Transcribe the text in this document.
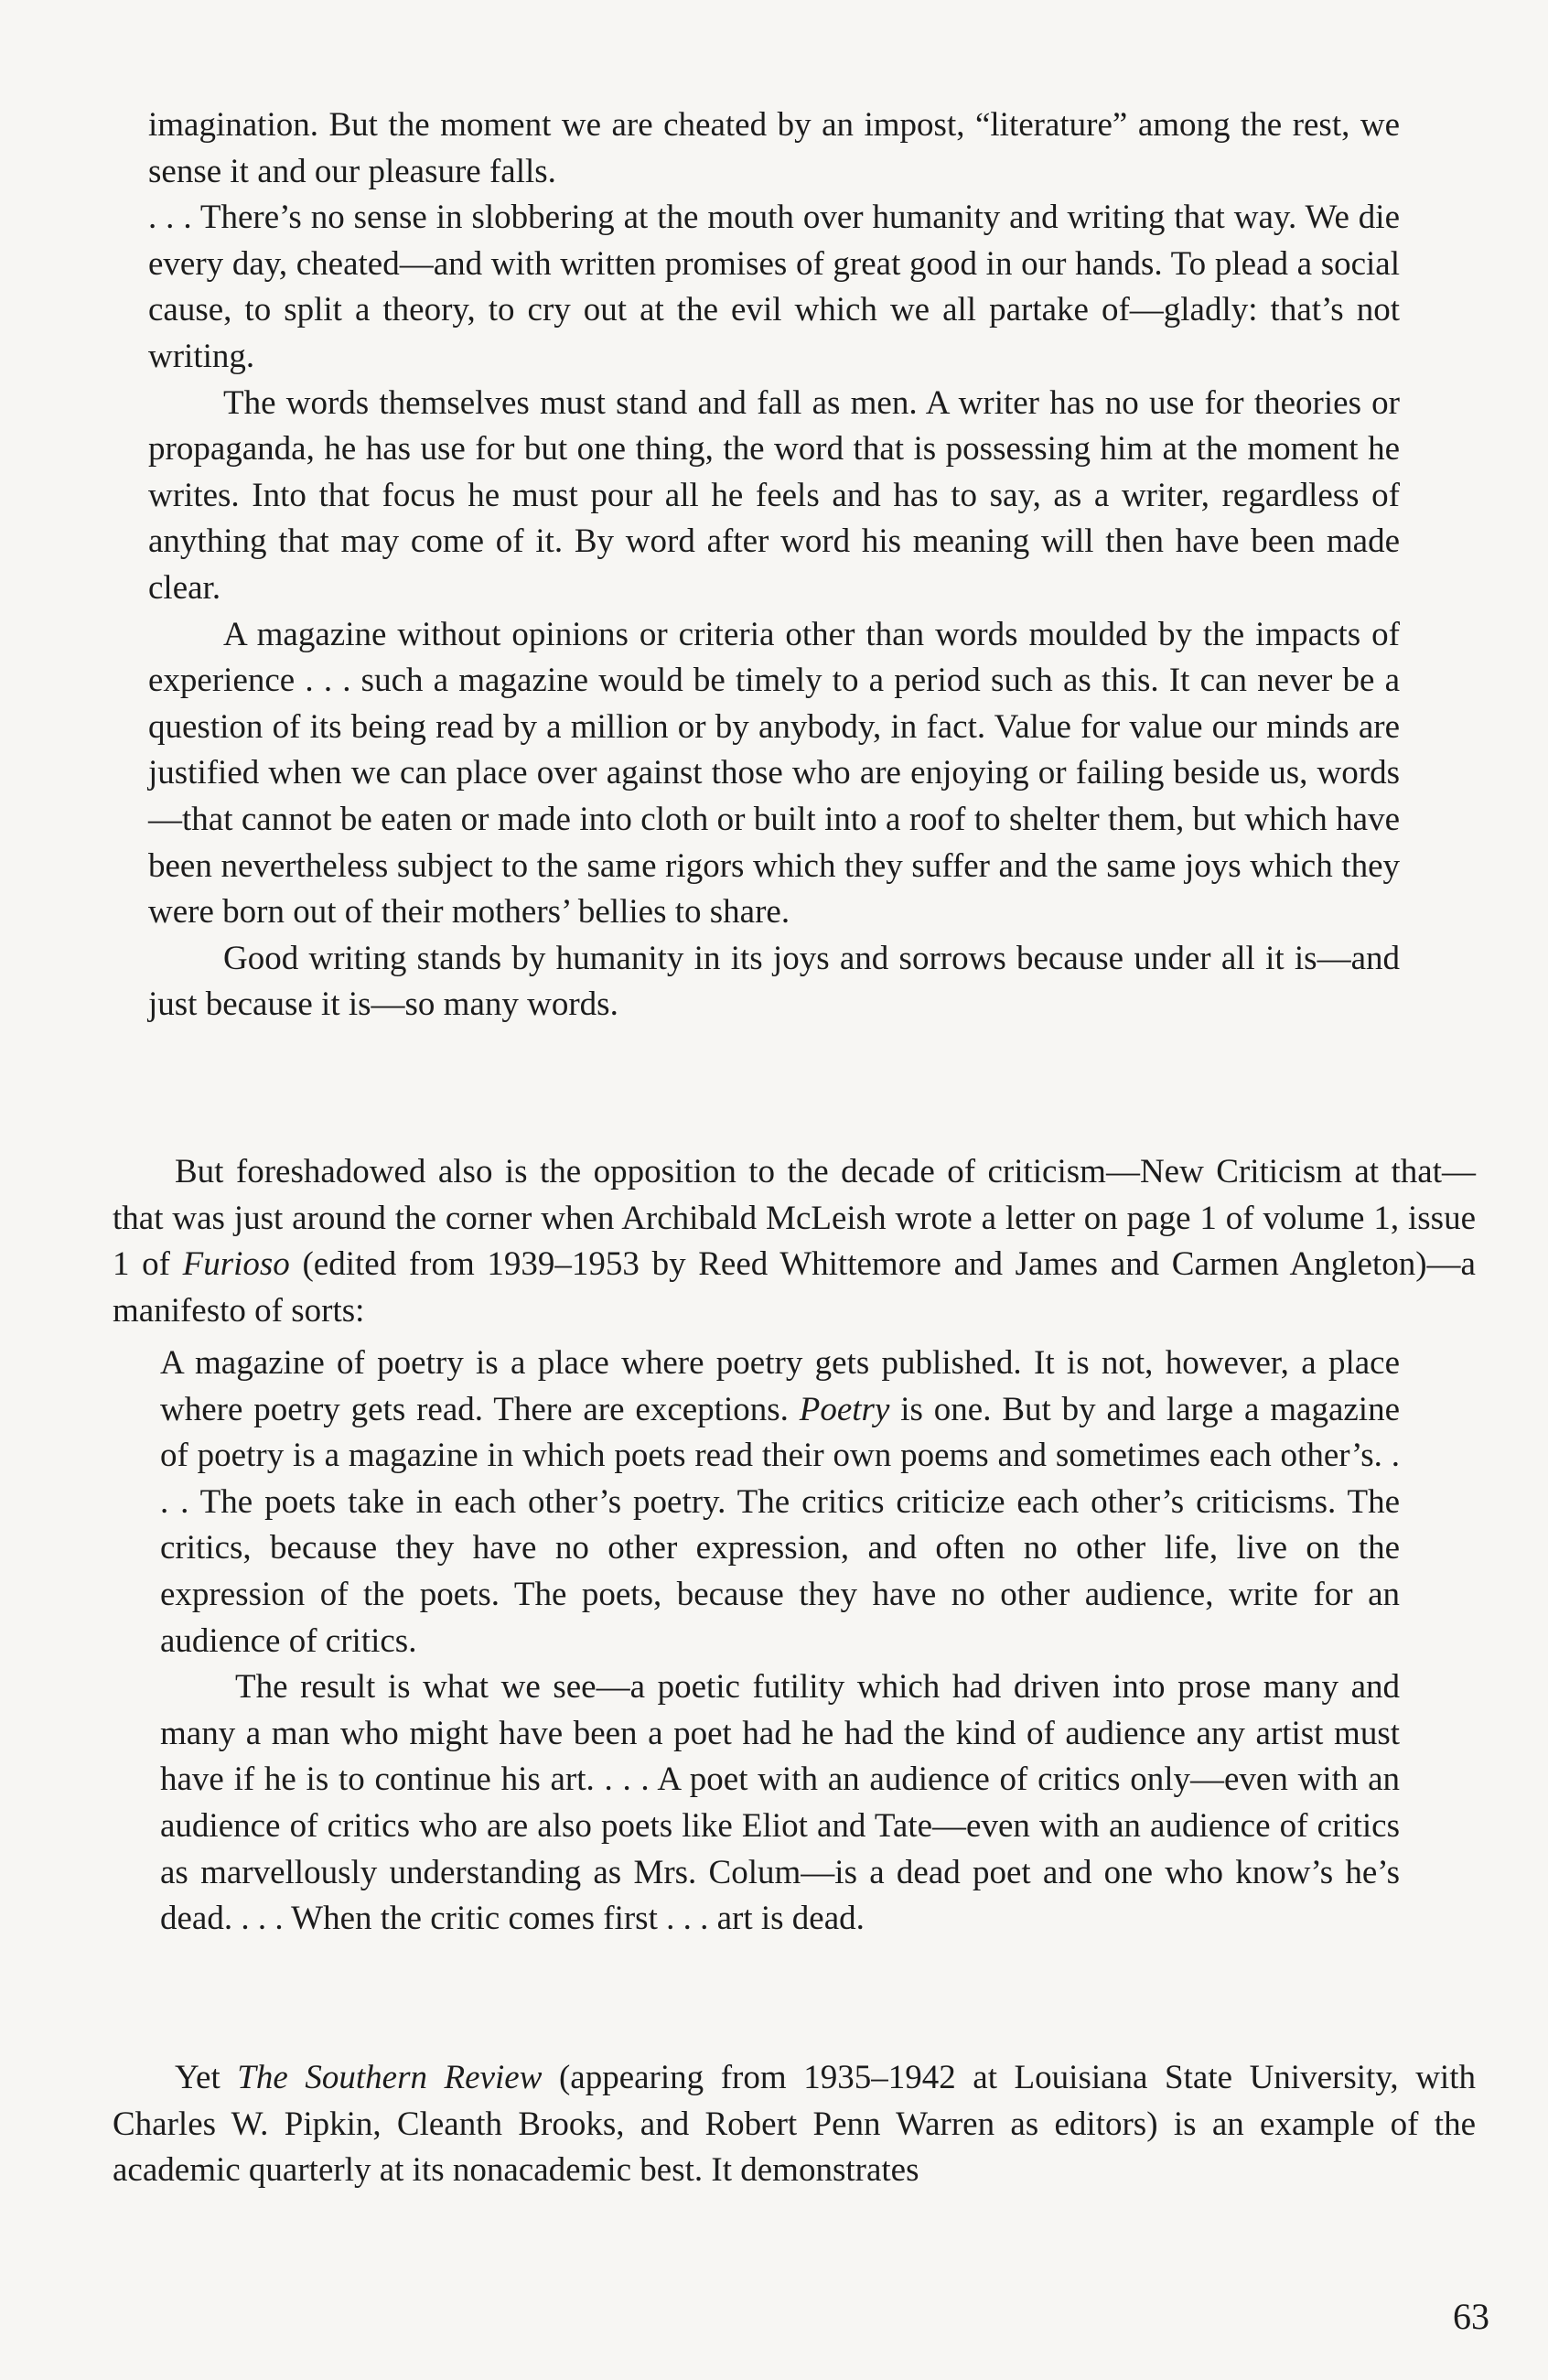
imagination. But the moment we are cheated by an impost, “literature” among the rest, we sense it and our pleasure falls.

. . . There’s no sense in slobbering at the mouth over humanity and writing that way. We die every day, cheated—and with written promises of great good in our hands. To plead a social cause, to split a theory, to cry out at the evil which we all partake of—gladly: that’s not writing.

The words themselves must stand and fall as men. A writer has no use for theories or propaganda, he has use for but one thing, the word that is possessing him at the moment he writes. Into that focus he must pour all he feels and has to say, as a writer, regardless of anything that may come of it. By word after word his meaning will then have been made clear.

A magazine without opinions or criteria other than words moulded by the impacts of experience . . . such a magazine would be timely to a period such as this. It can never be a question of its being read by a million or by anybody, in fact. Value for value our minds are justified when we can place over against those who are enjoying or failing beside us, words—that cannot be eaten or made into cloth or built into a roof to shelter them, but which have been nevertheless subject to the same rigors which they suffer and the same joys which they were born out of their mothers’ bellies to share.

Good writing stands by humanity in its joys and sorrows because under all it is—and just because it is—so many words.

But foreshadowed also is the opposition to the decade of criticism—New Criticism at that—that was just around the corner when Archibald McLeish wrote a letter on page 1 of volume 1, issue 1 of Furioso (edited from 1939–1953 by Reed Whittemore and James and Carmen Angleton)—a manifesto of sorts:

A magazine of poetry is a place where poetry gets published. It is not, however, a place where poetry gets read. There are exceptions. Poetry is one. But by and large a magazine of poetry is a magazine in which poets read their own poems and sometimes each other’s. . . . The poets take in each other’s poetry. The critics criticize each other’s criticisms. The critics, because they have no other expression, and often no other life, live on the expression of the poets. The poets, because they have no other audience, write for an audience of critics.

The result is what we see—a poetic futility which had driven into prose many and many a man who might have been a poet had he had the kind of audience any artist must have if he is to continue his art. . . . A poet with an audience of critics only—even with an audience of critics who are also poets like Eliot and Tate—even with an audience of critics as marvellously understanding as Mrs. Colum—is a dead poet and one who know’s he’s dead. . . . When the critic comes first . . . art is dead.

Yet The Southern Review (appearing from 1935–1942 at Louisiana State University, with Charles W. Pipkin, Cleanth Brooks, and Robert Penn Warren as editors) is an example of the academic quarterly at its nonacademic best. It demonstrates

63
